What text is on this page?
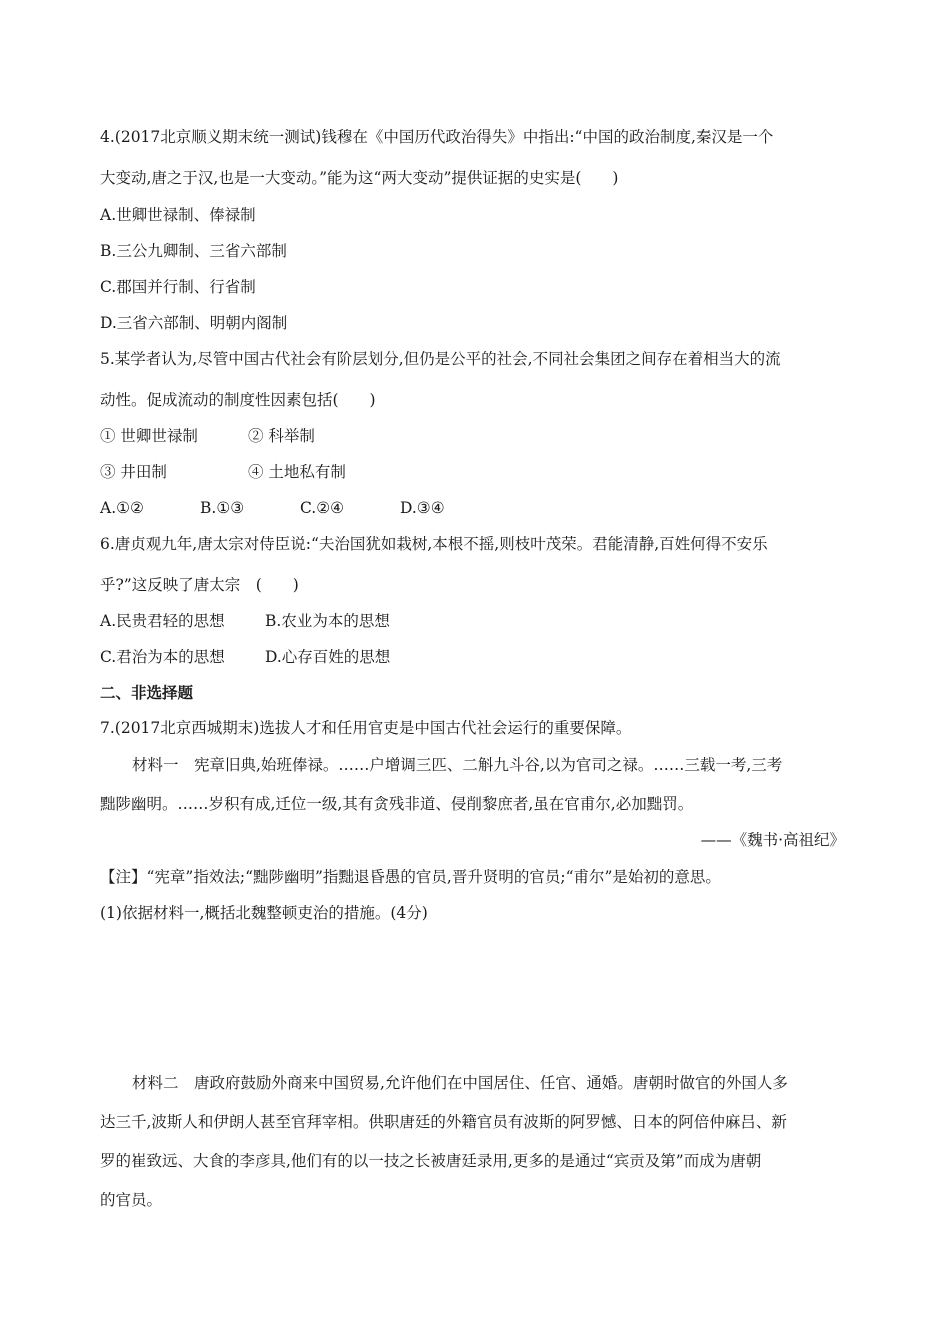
4.(2017北京顺义期末统一测试)钱穆在《中国历代政治得失》中指出:“中国的政治制度,秦汉是一个
大变动,唐之于汉,也是一大变动。”能为这“两大变动”提供证据的史实是(　　)
A.世卿世禄制、俸禄制
B.三公九卿制、三省六部制
C.郡国并行制、行省制
D.三省六部制、明朝内阁制
5.某学者认为,尽管中国古代社会有阶层划分,但仍是公平的社会,不同社会集团之间存在着相当大的流
动性。促成流动的制度性因素包括(　　)
① 世卿世禄制	② 科举制
③ 井田制	④ 土地私有制
A.①②	B.①③	C.②④	D.③④
6.唐贞观九年,唐太宗对侍臣说:“夫治国犹如栽树,本根不摇,则枝叶茂荣。君能清静,百姓何得不安乐
乎?”这反映了唐太宗　(　　)
A.民贵君轻的思想	B.农业为本的思想
C.君治为本的思想	D.心存百姓的思想
二、非选择题
7.(2017北京西城期末)选拔人才和任用官吏是中国古代社会运行的重要保障。
材料一　宪章旧典,始班俸禄。……户增调三匹、二斛九斗谷,以为官司之禄。……三载一考,三考
黜陟幽明。……岁积有成,迁位一级,其有贪残非道、侵削黎庶者,虽在官甫尔,必加黜罚。
——《魏书·高祖纪》
【注】“宪章”指效法;“黜陟幽明”指黜退昏愚的官员,晋升贤明的官员;“甫尔”是始初的意思。
(1)依据材料一,概括北魏整顿吏治的措施。(4分)
材料二　唐政府鼓励外商来中国贸易,允许他们在中国居住、任官、通婚。唐朝时做官的外国人多
达三千,波斯人和伊朗人甚至官拜宰相。供职唐廷的外籍官员有波斯的阿罗憾、日本的阿倍仲麻吕、新
罗的崔致远、大食的李彦具,他们有的以一技之长被唐廷录用,更多的是通过“宾贡及第”而成为唐朝
的官员。
